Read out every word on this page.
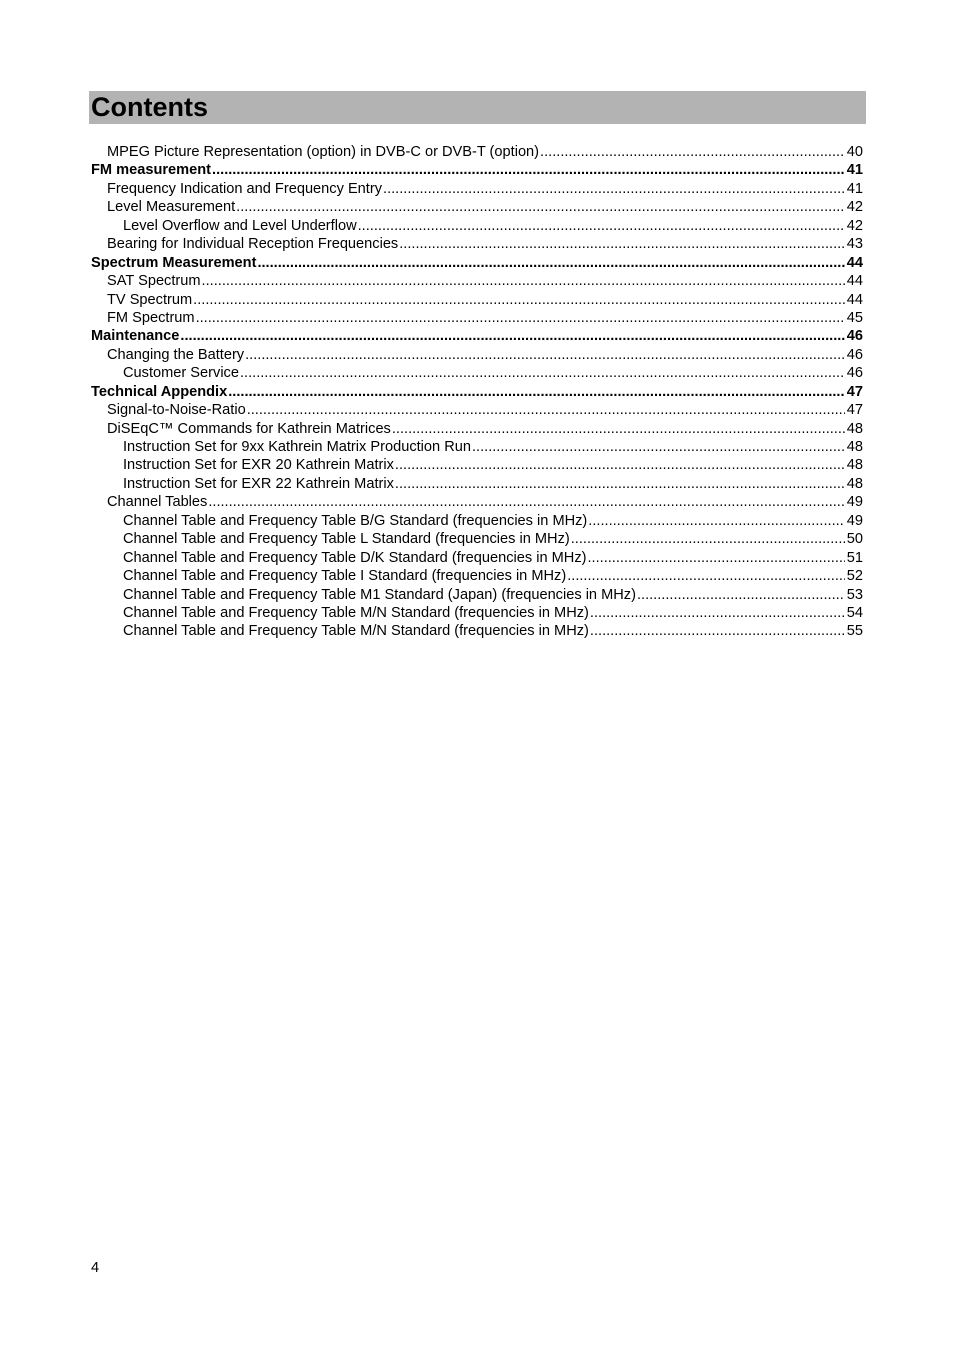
Contents
MPEG Picture Representation (option) in DVB-C or DVB-T (option) .....	40
FM measurement .....	41
Frequency Indication and Frequency Entry .....	41
Level Measurement .....	42
Level Overflow and Level Underflow .....	42
Bearing for Individual Reception Frequencies .....	43
Spectrum Measurement .....	44
SAT Spectrum .....	44
TV Spectrum .....	44
FM Spectrum .....	45
Maintenance .....	46
Changing the Battery .....	46
Customer Service .....	46
Technical Appendix .....	47
Signal-to-Noise-Ratio .....	47
DiSEqC™ Commands for Kathrein Matrices .....	48
Instruction Set for 9xx Kathrein Matrix Production Run .....	48
Instruction Set for EXR 20 Kathrein Matrix .....	48
Instruction Set for EXR 22 Kathrein Matrix .....	48
Channel Tables .....	49
Channel Table and Frequency Table B/G Standard (frequencies in MHz) .....	49
Channel Table and Frequency Table L Standard (frequencies in MHz) .....	50
Channel Table and Frequency Table D/K Standard (frequencies in MHz) .....	51
Channel Table and Frequency Table I Standard (frequencies in MHz) .....	52
Channel Table and Frequency Table M1 Standard (Japan) (frequencies in MHz) .....	53
Channel Table and Frequency Table M/N Standard (frequencies in MHz) .....	54
Channel Table and Frequency Table M/N Standard (frequencies in MHz) .....	55
4
